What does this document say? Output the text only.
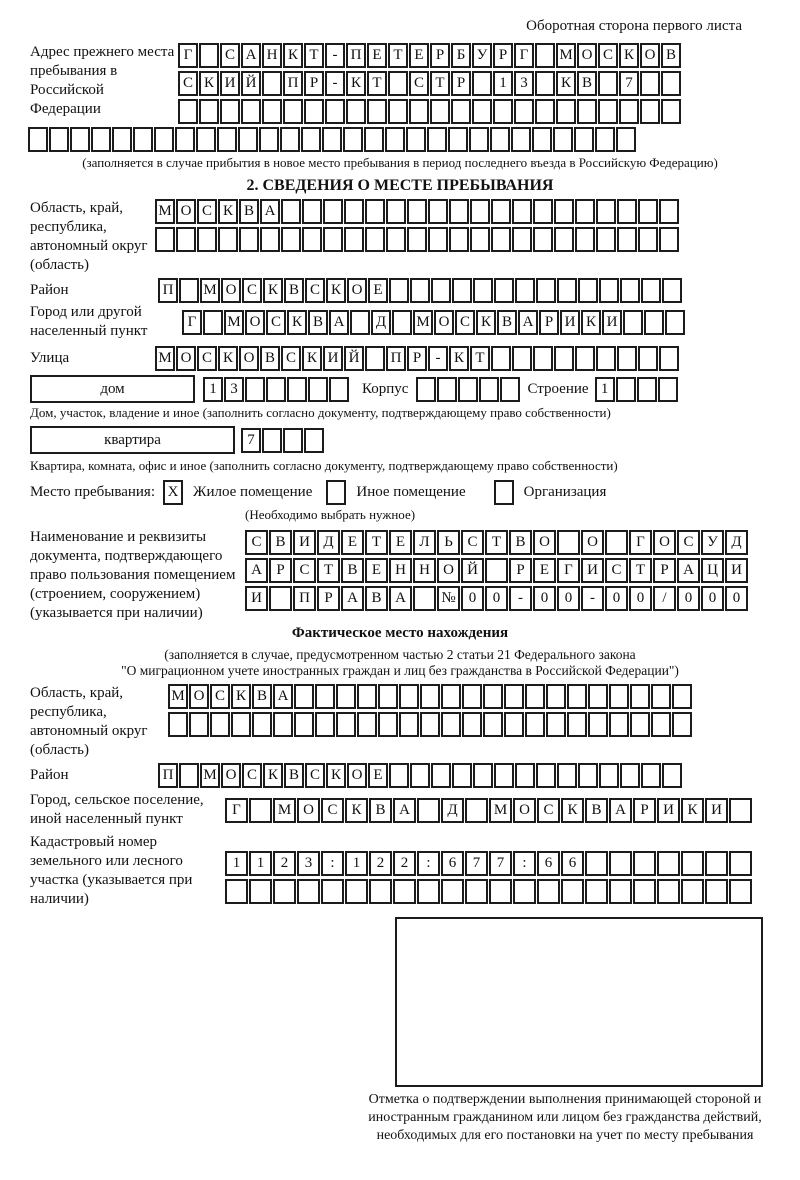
Оборотная сторона первого листа
Адрес прежнего места пребывания в Российской Федерации
Г	С А Н К Т - П Е Т Е Р Б У Р Г	М О С К О В
С К И Й	П Р - К Т	С Т Р	1 3	К В	7
(заполняется в случае прибытия в новое место пребывания в период последнего въезда в Российскую Федерацию)
2. СВЕДЕНИЯ О МЕСТЕ ПРЕБЫВАНИЯ
Область, край, республика, автономный округ (область)
М О С К В А
Район	П	М О С К В С К О Е
Город или другой населенный пункт
Г	М О С К В А	Д	М О С К В А Р И К И
Улица	М О С К О В С К И Й	П Р - К Т
дом	1 3	Корпус	Строение 1
Дом, участок, владение и иное (заполнить согласно документу, подтверждающему право собственности)
квартира	7
Квартира, комната, офис и иное (заполнить согласно документу, подтверждающему право собственности)
Место пребывания: X Жилое помещение	Иное помещение	Организация
(Необходимо выбрать нужное)
Наименование и реквизиты документа, подтверждающего право пользования помещением (строением, сооружением) (указывается при наличии)
С В И Д Е Т Е Л Ь С Т В О	О	Г О С У Д
А Р С Т В Е Н Н О Й	Р	Е	Г И С Т	Р А Ц И
И	П Р А В А	№ 0	0	-	0	0	-	0	0	/	0	0	0
Фактическое место нахождения
(заполняется в случае, предусмотренном частью 2 статьи 21 Федерального закона
"О миграционном учете иностранных граждан и лиц без гражданства в Российской Федерации")
Область, край, республика, автономный округ (область)
М О С К В А
Район	П	М О С К В С К О Е
Город, сельское поселение, иной населенный пункт
Г	М О С К В А	Д	М О С К В А Р И К И
Кадастровый номер земельного или лесного участка (указывается при наличии)
1	1	2	3	:	1	2	2	:	6	7	7	:	6	6
Отметка о подтверждении выполнения принимающей стороной и иностранным гражданином или лицом без гражданства действий, необходимых для его постановки на учет по месту пребывания
